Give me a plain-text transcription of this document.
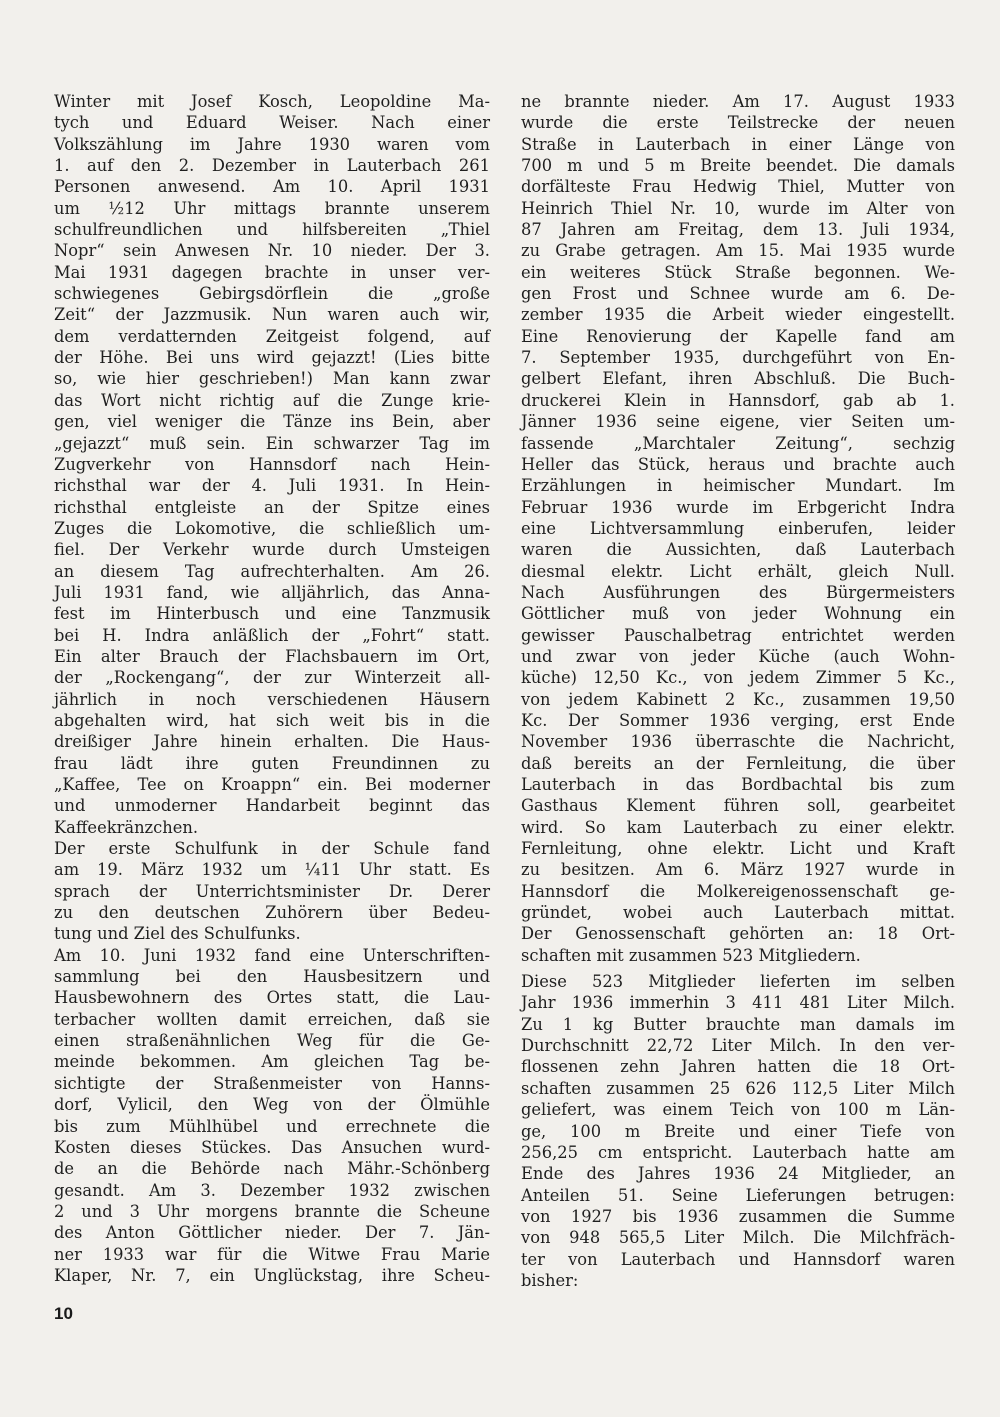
Winter mit Josef Kosch, Leopoldine Ma-
tych und Eduard Weiser. Nach einer
Volkszählung im Jahre 1930 waren vom
1. auf den 2. Dezember in Lauterbach 261
Personen anwesend. Am 10. April 1931
um ½12 Uhr mittags brannte unserem
schulfreundlichen und hilfsbereiten „Thiel
Nopr“ sein Anwesen Nr. 10 nieder. Der 3.
Mai 1931 dagegen brachte in unser ver-
schwiegenes Gebirgsdörflein die „große
Zeit“ der Jazzmusik. Nun waren auch wir,
dem verdatternden Zeitgeist folgend, auf
der Höhe. Bei uns wird gejazzt! (Lies bitte
so, wie hier geschrieben!) Man kann zwar
das Wort nicht richtig auf die Zunge krie-
gen, viel weniger die Tänze ins Bein, aber
„gejazzt“ muß sein. Ein schwarzer Tag im
Zugverkehr von Hannsdorf nach Hein-
richsthal war der 4. Juli 1931. In Hein-
richsthal entgleiste an der Spitze eines
Zuges die Lokomotive, die schließlich um-
fiel. Der Verkehr wurde durch Umsteigen
an diesem Tag aufrechterhalten. Am 26.
Juli 1931 fand, wie alljährlich, das Anna-
fest im Hinterbusch und eine Tanzmusik
bei H. Indra anläßlich der „Fohrt“ statt.
Ein alter Brauch der Flachsbauern im Ort,
der „Rockengang“, der zur Winterzeit all-
jährlich in noch verschiedenen Häusern
abgehalten wird, hat sich weit bis in die
dreißiger Jahre hinein erhalten. Die Haus-
frau lädt ihre guten Freundinnen zu
„Kaffee, Tee on Kroappn“ ein. Bei moderner
und unmoderner Handarbeit beginnt das
Kaffeekränzchen.
Der erste Schulfunk in der Schule fand
am 19. März 1932 um ¼11 Uhr statt. Es
sprach der Unterrichtsminister Dr. Derer
zu den deutschen Zuhörern über Bedeu-
tung und Ziel des Schulfunks.
Am 10. Juni 1932 fand eine Unterschriften-
sammlung bei den Hausbesitzern und
Hausbewohnern des Ortes statt, die Lau-
terbacher wollten damit erreichen, daß sie
einen straßenähnlichen Weg für die Ge-
meinde bekommen. Am gleichen Tag be-
sichtigte der Straßenmeister von Hanns-
dorf, Vylicil, den Weg von der Ölmühle
bis zum Mühlhübel und errechnete die
Kosten dieses Stückes. Das Ansuchen wurd-
de an die Behörde nach Mähr.-Schönberg
gesandt. Am 3. Dezember 1932 zwischen
2 und 3 Uhr morgens brannte die Scheune
des Anton Göttlicher nieder. Der 7. Jän-
ner 1933 war für die Witwe Frau Marie
Klaper, Nr. 7, ein Unglückstag, ihre Scheu-
ne brannte nieder. Am 17. August 1933
wurde die erste Teilstrecke der neuen
Straße in Lauterbach in einer Länge von
700 m und 5 m Breite beendet. Die damals
dorfälteste Frau Hedwig Thiel, Mutter von
Heinrich Thiel Nr. 10, wurde im Alter von
87 Jahren am Freitag, dem 13. Juli 1934,
zu Grabe getragen. Am 15. Mai 1935 wurde
ein weiteres Stück Straße begonnen. We-
gen Frost und Schnee wurde am 6. De-
zember 1935 die Arbeit wieder eingestellt.
Eine Renovierung der Kapelle fand am
7. September 1935, durchgeführt von En-
gelbert Elefant, ihren Abschluß. Die Buch-
druckerei Klein in Hannsdorf, gab ab 1.
Jänner 1936 seine eigene, vier Seiten um-
fassende „Marchtaler Zeitung“, sechzig
Heller das Stück, heraus und brachte auch
Erzählungen in heimischer Mundart. Im
Februar 1936 wurde im Erbgericht Indra
eine Lichtversammlung einberufen, leider
waren die Aussichten, daß Lauterbach
diesmal elektr. Licht erhält, gleich Null.
Nach Ausführungen des Bürgermeisters
Göttlicher muß von jeder Wohnung ein
gewisser Pauschalbetrag entrichtet werden
und zwar von jeder Küche (auch Wohn-
küche) 12,50 Kc., von jedem Zimmer 5 Kc.,
von jedem Kabinett 2 Kc., zusammen 19,50
Kc. Der Sommer 1936 verging, erst Ende
November 1936 überraschte die Nachricht,
daß bereits an der Fernleitung, die über
Lauterbach in das Bordbachtal bis zum
Gasthaus Klement führen soll, gearbeitet
wird. So kam Lauterbach zu einer elektr.
Fernleitung, ohne elektr. Licht und Kraft
zu besitzen. Am 6. März 1927 wurde in
Hannsdorf die Molkereigenossenschaft ge-
gründet, wobei auch Lauterbach mittat.
Der Genossenschaft gehörten an: 18 Ort-
schaften mit zusammen 523 Mitgliedern.
Diese 523 Mitglieder lieferten im selben
Jahr 1936 immerhin 3 411 481 Liter Milch.
Zu 1 kg Butter brauchte man damals im
Durchschnitt 22,72 Liter Milch. In den ver-
flossenen zehn Jahren hatten die 18 Ort-
schaften zusammen 25 626 112,5 Liter Milch
geliefert, was einem Teich von 100 m Län-
ge, 100 m Breite und einer Tiefe von
256,25 cm entspricht. Lauterbach hatte am
Ende des Jahres 1936 24 Mitglieder, an
Anteilen 51. Seine Lieferungen betrugen:
von 1927 bis 1936 zusammen die Summe
von 948 565,5 Liter Milch. Die Milchfräch-
ter von Lauterbach und Hannsdorf waren
bisher:
10
